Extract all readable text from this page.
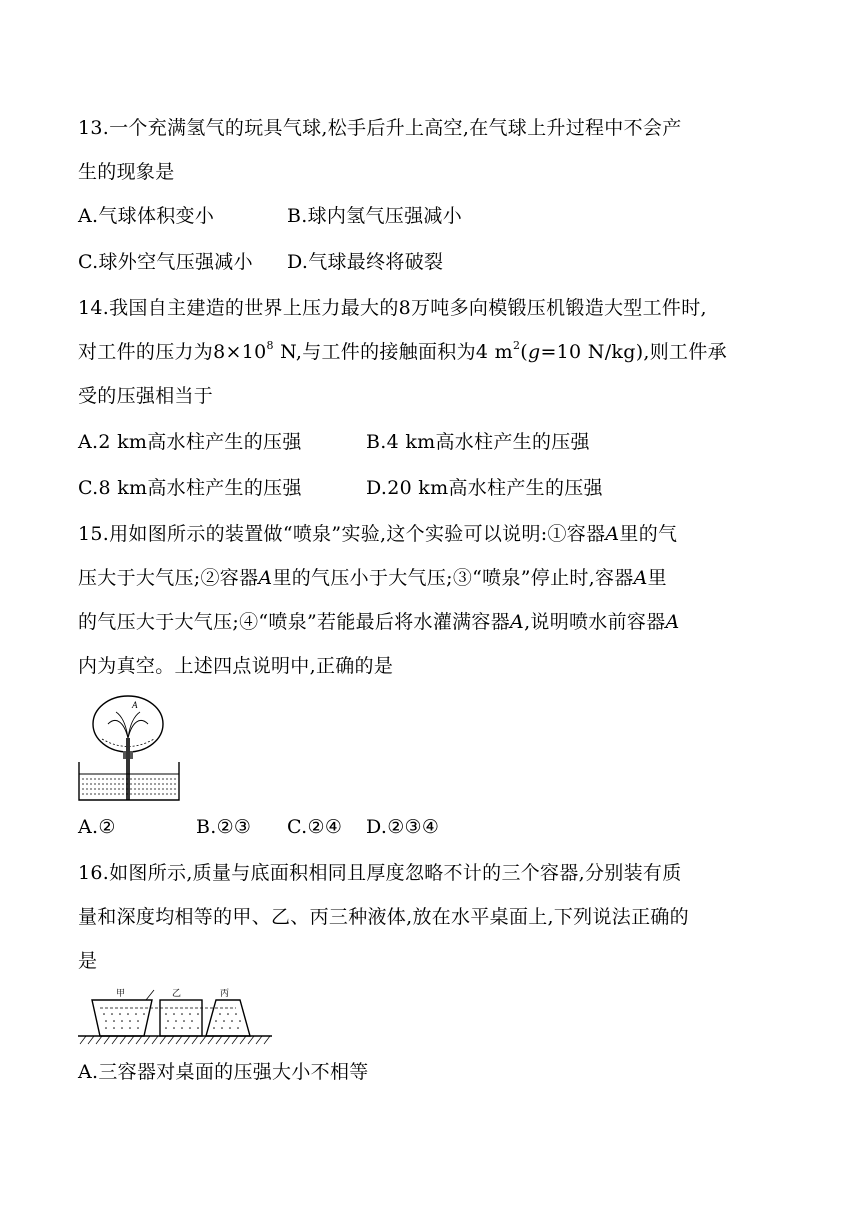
13.一个充满氢气的玩具气球,松手后升上高空,在气球上升过程中不会产
生的现象是
A.气球体积变小	B.球内氢气压强减小
C.球外空气压强减小 D.气球最终将破裂
14.我国自主建造的世界上压力最大的8万吨多向模锻压机锻造大型工件时,
对工件的压力为$8\times 10^8$ N,与工件的接触面积为4 $m^2(g=10$ N/kg),则工件承
受的压强相当于
A.2 km高水柱产生的压强	B.4 km高水柱产生的压强
C.8 km高水柱产生的压强	D.20 km高水柱产生的压强
15.用如图所示的装置做“喷泉”实验,这个实验可以说明:①容器A里的气
压大于大气压;②容器A里的气压小于大气压;③“喷泉”停止时,容器A里
的气压大于大气压;④“喷泉”若能最后将水灌满容器A,说明喷水前容器A
内为真空。上述四点说明中,正确的是
A
A.②	B.②③ C.②④ D.②③④
16.如图所示,质量与底面积相同且厚度忽略不计的三个容器,分别装有质
量和深度均相等的甲、乙、丙三种液体,放在水平桌面上,下列说法正确的
是
甲	乙	丙
A.三容器对桌面的压强大小不相等
